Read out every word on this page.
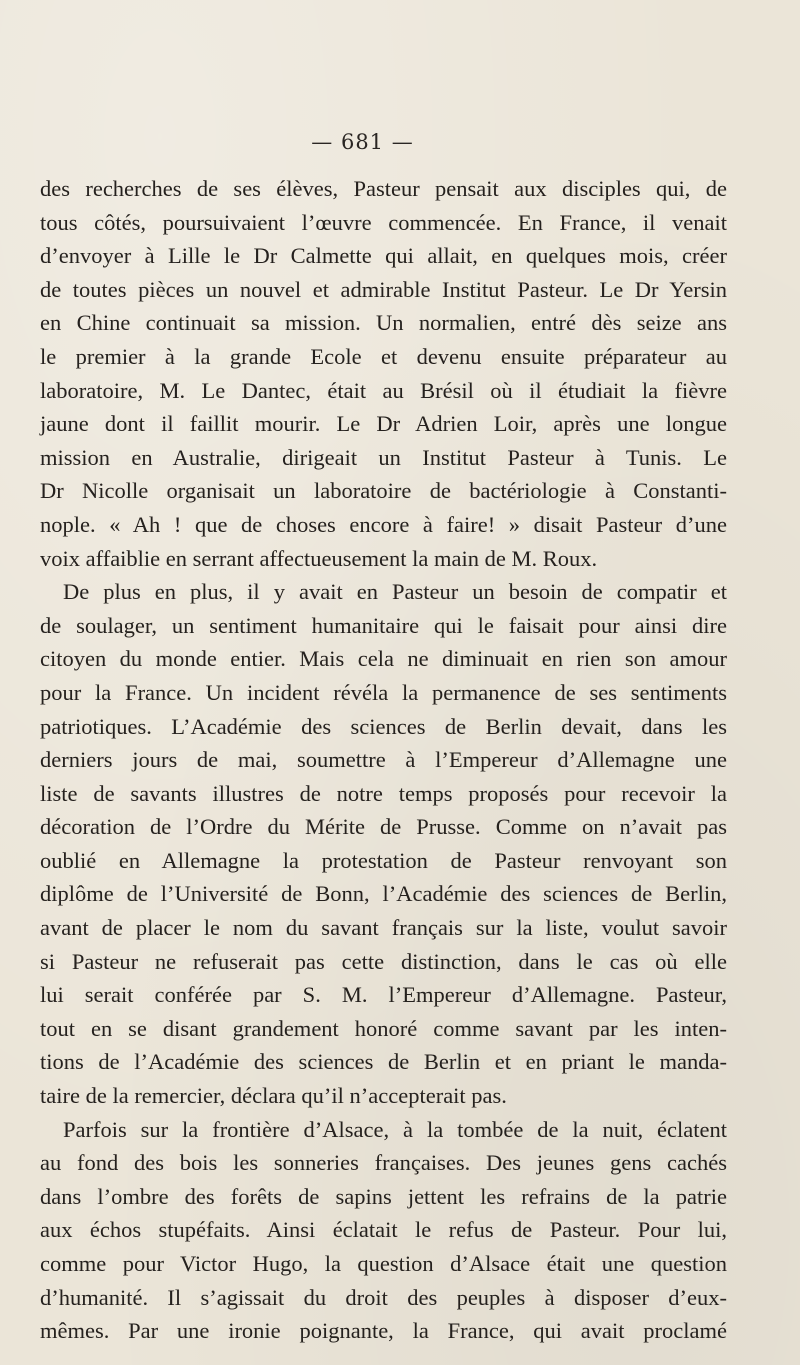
— 681 —
des recherches de ses élèves, Pasteur pensait aux disciples qui, de
tous côtés, poursuivaient l’œuvre commencée. En France, il venait
d’envoyer à Lille le Dr Calmette qui allait, en quelques mois, créer
de toutes pièces un nouvel et admirable Institut Pasteur. Le Dr Yersin
en Chine continuait sa mission. Un normalien, entré dès seize ans
le premier à la grande Ecole et devenu ensuite préparateur au
laboratoire, M. Le Dantec, était au Brésil où il étudiait la fièvre
jaune dont il faillit mourir. Le Dr Adrien Loir, après une longue
mission en Australie, dirigeait un Institut Pasteur à Tunis. Le
Dr Nicolle organisait un laboratoire de bactériologie à Constanti-
nople. « Ah ! que de choses encore à faire! » disait Pasteur d’une
voix affaiblie en serrant affectueusement la main de M. Roux.
De plus en plus, il y avait en Pasteur un besoin de compatir et
de soulager, un sentiment humanitaire qui le faisait pour ainsi dire
citoyen du monde entier. Mais cela ne diminuait en rien son amour
pour la France. Un incident révéla la permanence de ses sentiments
patriotiques. L’Académie des sciences de Berlin devait, dans les
derniers jours de mai, soumettre à l’Empereur d’Allemagne une
liste de savants illustres de notre temps proposés pour recevoir la
décoration de l’Ordre du Mérite de Prusse. Comme on n’avait pas
oublié en Allemagne la protestation de Pasteur renvoyant son
diplôme de l’Université de Bonn, l’Académie des sciences de Berlin,
avant de placer le nom du savant français sur la liste, voulut savoir
si Pasteur ne refuserait pas cette distinction, dans le cas où elle
lui serait conférée par S. M. l’Empereur d’Allemagne. Pasteur,
tout en se disant grandement honoré comme savant par les inten-
tions de l’Académie des sciences de Berlin et en priant le manda-
taire de la remercier, déclara qu’il n’accepterait pas.
Parfois sur la frontière d’Alsace, à la tombée de la nuit, éclatent
au fond des bois les sonneries françaises. Des jeunes gens cachés
dans l’ombre des forêts de sapins jettent les refrains de la patrie
aux échos stupéfaits. Ainsi éclatait le refus de Pasteur. Pour lui,
comme pour Victor Hugo, la question d’Alsace était une question
d’humanité. Il s’agissait du droit des peuples à disposer d’eux-
mêmes. Par une ironie poignante, la France, qui avait proclamé
